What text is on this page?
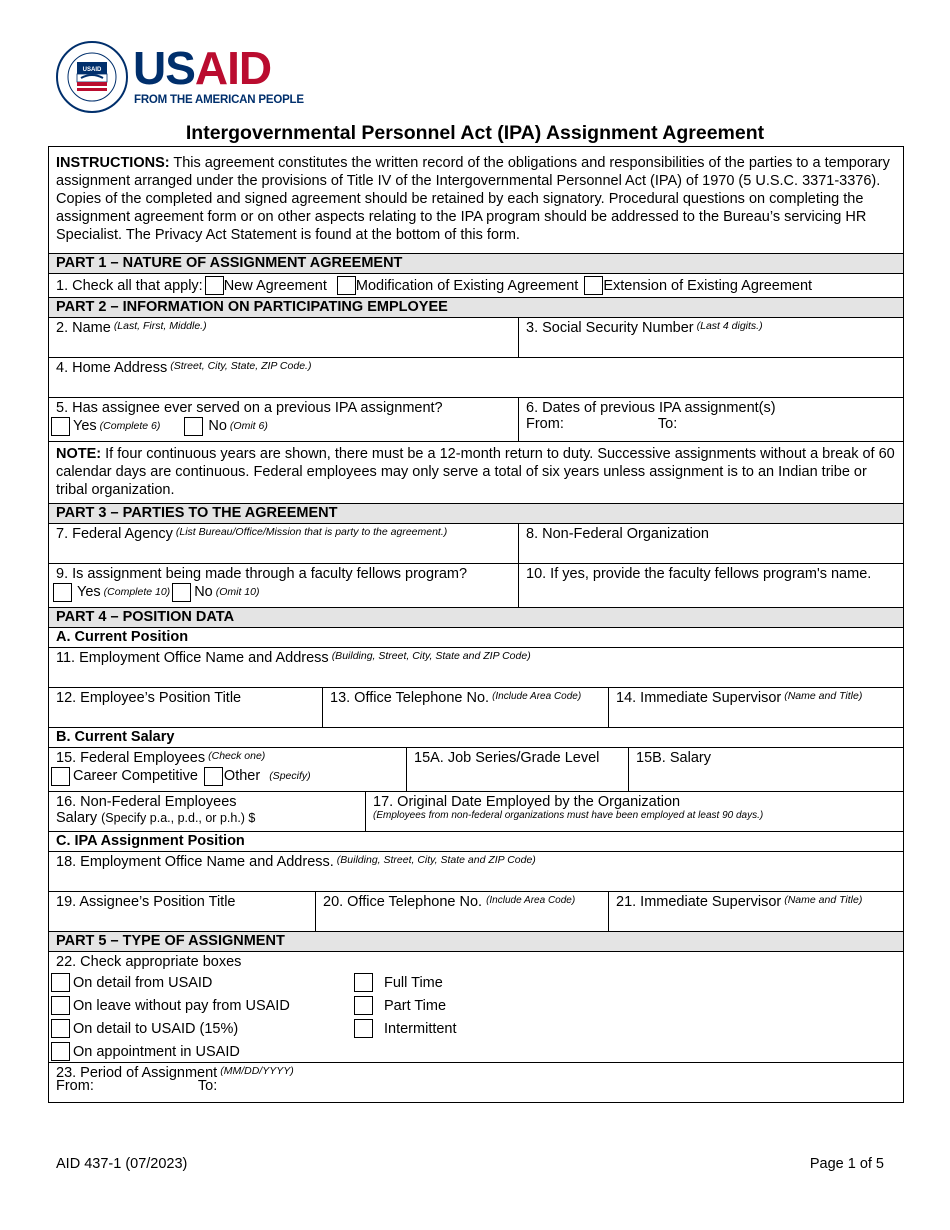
USAID USAID
FROM THE AMERICAN PEOPLE
Intergovernmental Personnel Act (IPA) Assignment Agreement
INSTRUCTIONS: This agreement constitutes the written record of the obligations and responsibilities of the parties to a temporary assignment arranged under the provisions of Title IV of the Intergovernmental Personnel Act (IPA) of 1970 (5 U.S.C. 3371-3376). Copies of the completed and signed agreement should be retained by each signatory. Procedural questions on completing the assignment agreement form or on other aspects relating to the IPA program should be addressed to the Bureau’s servicing HR Specialist. The Privacy Act Statement is found at the bottom of this form.
PART 1 – NATURE OF ASSIGNMENT AGREEMENT
1. Check all that apply: New Agreement Modification of Existing Agreement Extension of Existing Agreement
PART 2 – INFORMATION ON PARTICIPATING EMPLOYEE
2. Name $^{(Last, First, Middle.)}$	3. Social Security Number $^{(Last 4 digits.)}$
4. Home Address $^{(Street, City, State, ZIP Code.)}$
5. Has assignee ever served on a previous IPA assignment?
Yes (Complete 6)	No (Omit 6)
6. Dates of previous IPA assignment(s)
From:	To:
NOTE: If four continuous years are shown, there must be a 12-month return to duty. Successive assignments without a break of 60 calendar days are continuous. Federal employees may only serve a total of six years unless assignment is to an Indian tribe or tribal organization.
PART 3 – PARTIES TO THE AGREEMENT
7. Federal Agency $^{(List Bureau/Office/Mission that is party to the agreement.)}$	8. Non-Federal Organization
9. Is assignment being made through a faculty fellows program?
Yes (Complete 10) No (Omit 10)
10. If yes, provide the faculty fellows program's name.
PART 4 – POSITION DATA
A. Current Position
11. Employment Office Name and Address $^{(Building, Street, City, State and ZIP Code)}$
12. Employee’s Position Title	13. Office Telephone No. $^{(Include Area Code)}$	14. Immediate Supervisor $^{(Name and Title)}$
B. Current Salary
15. Federal Employees $^{(Check one)}$
Career Competitive Other (Specify)
15A. Job Series/Grade Level	15B. Salary
16. Non-Federal Employees
Salary (Specify p.a., p.d., or p.h.) $
17. Original Date Employed by the Organization
(Employees from non-federal organizations must have been employed at least 90 days.)
C. IPA Assignment Position
18. Employment Office Name and Address. $^{(Building, Street, City, State and ZIP Code)}$
19. Assignee’s Position Title	20. Office Telephone No. $^{(Include Area Code)}$	21. Immediate Supervisor $^{(Name and Title)}$
PART 5 – TYPE OF ASSIGNMENT
22. Check appropriate boxes
On detail from USAID
On leave without pay from USAID
On detail to USAID (15%)
On appointment in USAID
Full Time
Part Time
Intermittent
23. Period of Assignment $^{(MM/DD/YYYY)}$
From:	To:
AID 437-1 (07/2023)	Page 1 of 5
